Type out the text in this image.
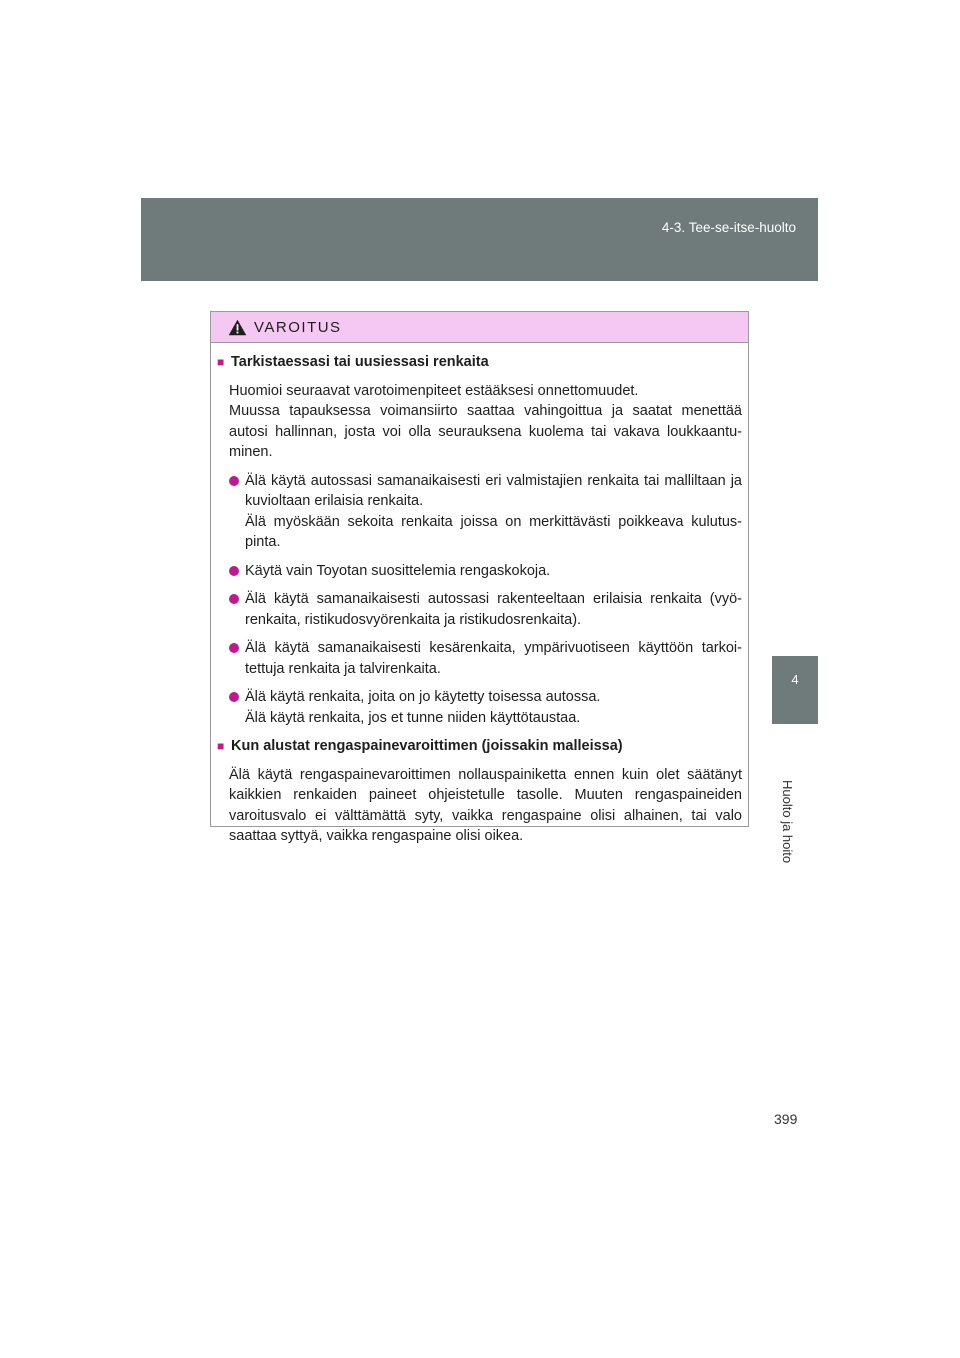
4-3. Tee-se-itse-huolto
4
Huolto ja hoito
VAROITUS
■ Tarkistaessasi tai uusiessasi renkaita
Huomioi seuraavat varotoimenpiteet estääksesi onnettomuudet.
Muussa tapauksessa voimansiirto saattaa vahingoittua ja saatat menettää autosi hallinnan, josta voi olla seurauksena kuolema tai vakava loukkaantu-minen.
Älä käytä autossasi samanaikaisesti eri valmistajien renkaita tai malliltaan ja kuvioltaan erilaisia renkaita.
Älä myöskään sekoita renkaita joissa on merkittävästi poikkeava kulutus-pinta.
Käytä vain Toyotan suosittelemia rengaskokoja.
Älä käytä samanaikaisesti autossasi rakenteeltaan erilaisia renkaita (vyö-renkaita, ristikudosvyörenkaita ja ristikudosrenkaita).
Älä käytä samanaikaisesti kesärenkaita, ympärivuotiseen käyttöön tarkoi-tettuja renkaita ja talvirenkaita.
Älä käytä renkaita, joita on jo käytetty toisessa autossa.
Älä käytä renkaita, jos et tunne niiden käyttötaustaa.
■ Kun alustat rengaspainevaroittimen (joissakin malleissa)
Älä käytä rengaspainevaroittimen nollauspainiketta ennen kuin olet säätänyt kaikkien renkaiden paineet ohjeistetulle tasolle. Muuten rengaspaineiden varoitusvalo ei välttämättä syty, vaikka rengaspaine olisi alhainen, tai valo saattaa syttyä, vaikka rengaspaine olisi oikea.
399
